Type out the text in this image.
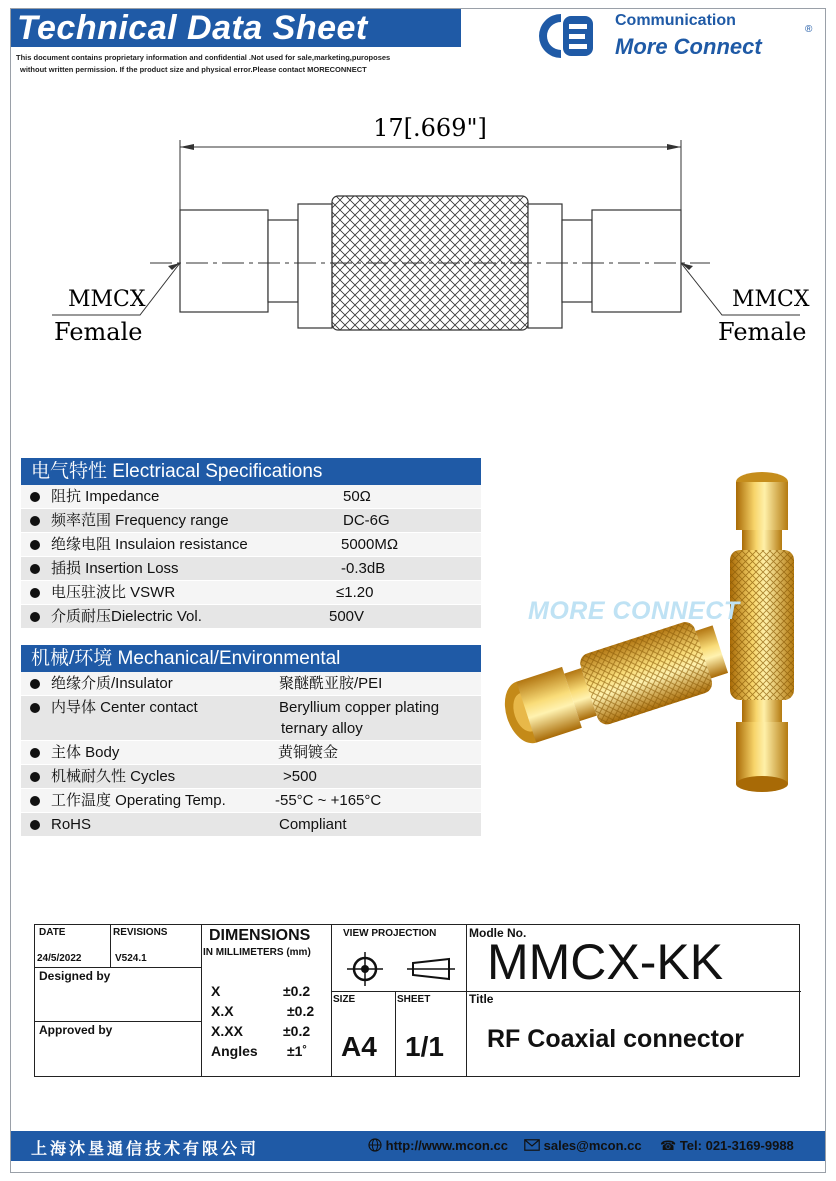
Technical Data Sheet
This document contains proprietary information and confidential .Not used for sale,marketing,puroposes
without written permission. If the product size and physical error.Please contact MORECONNECT
Communication
More Connect
®
17[.669"]
MMCX
Female
MMCX
Female
电气特性 Electriacal Specifications
阻抗 Impedance	50Ω
频率范围 Frequency range	DC-6G
绝缘电阻 Insulaion resistance	5000MΩ
插损 Insertion Loss	-0.3dB
电压驻波比 VSWR	≤1.20
介质耐压Dielectric Vol.	500V
机械/环境 Mechanical/Environmental
绝缘介质/Insulator	聚醚酰亚胺/PEI
内导体 Center contact	Beryllium copper plating
ternary alloy
主体 Body	黄铜镀金
机械耐久性 Cycles	>500
工作温度 Operating Temp.	-55°C ~ +165°C
RoHS	Compliant
MORE CONNECT
DATE
24/5/2022
REVISIONS
V524.1
Designed by
Approved by
DIMENSIONS
IN MILLIMETERS (mm)
X	±0.2
X.X	±0.2
X.XX	±0.2
Angles ±1˚
VIEW PROJECTION
SIZE
A4
SHEET
1/1
Modle No.
MMCX-KK
Title
RF Coaxial connector
上海沐垦通信技术有限公司	http://www.mcon.cc	sales@mcon.cc ☎ Tel: 021-3169-9988
